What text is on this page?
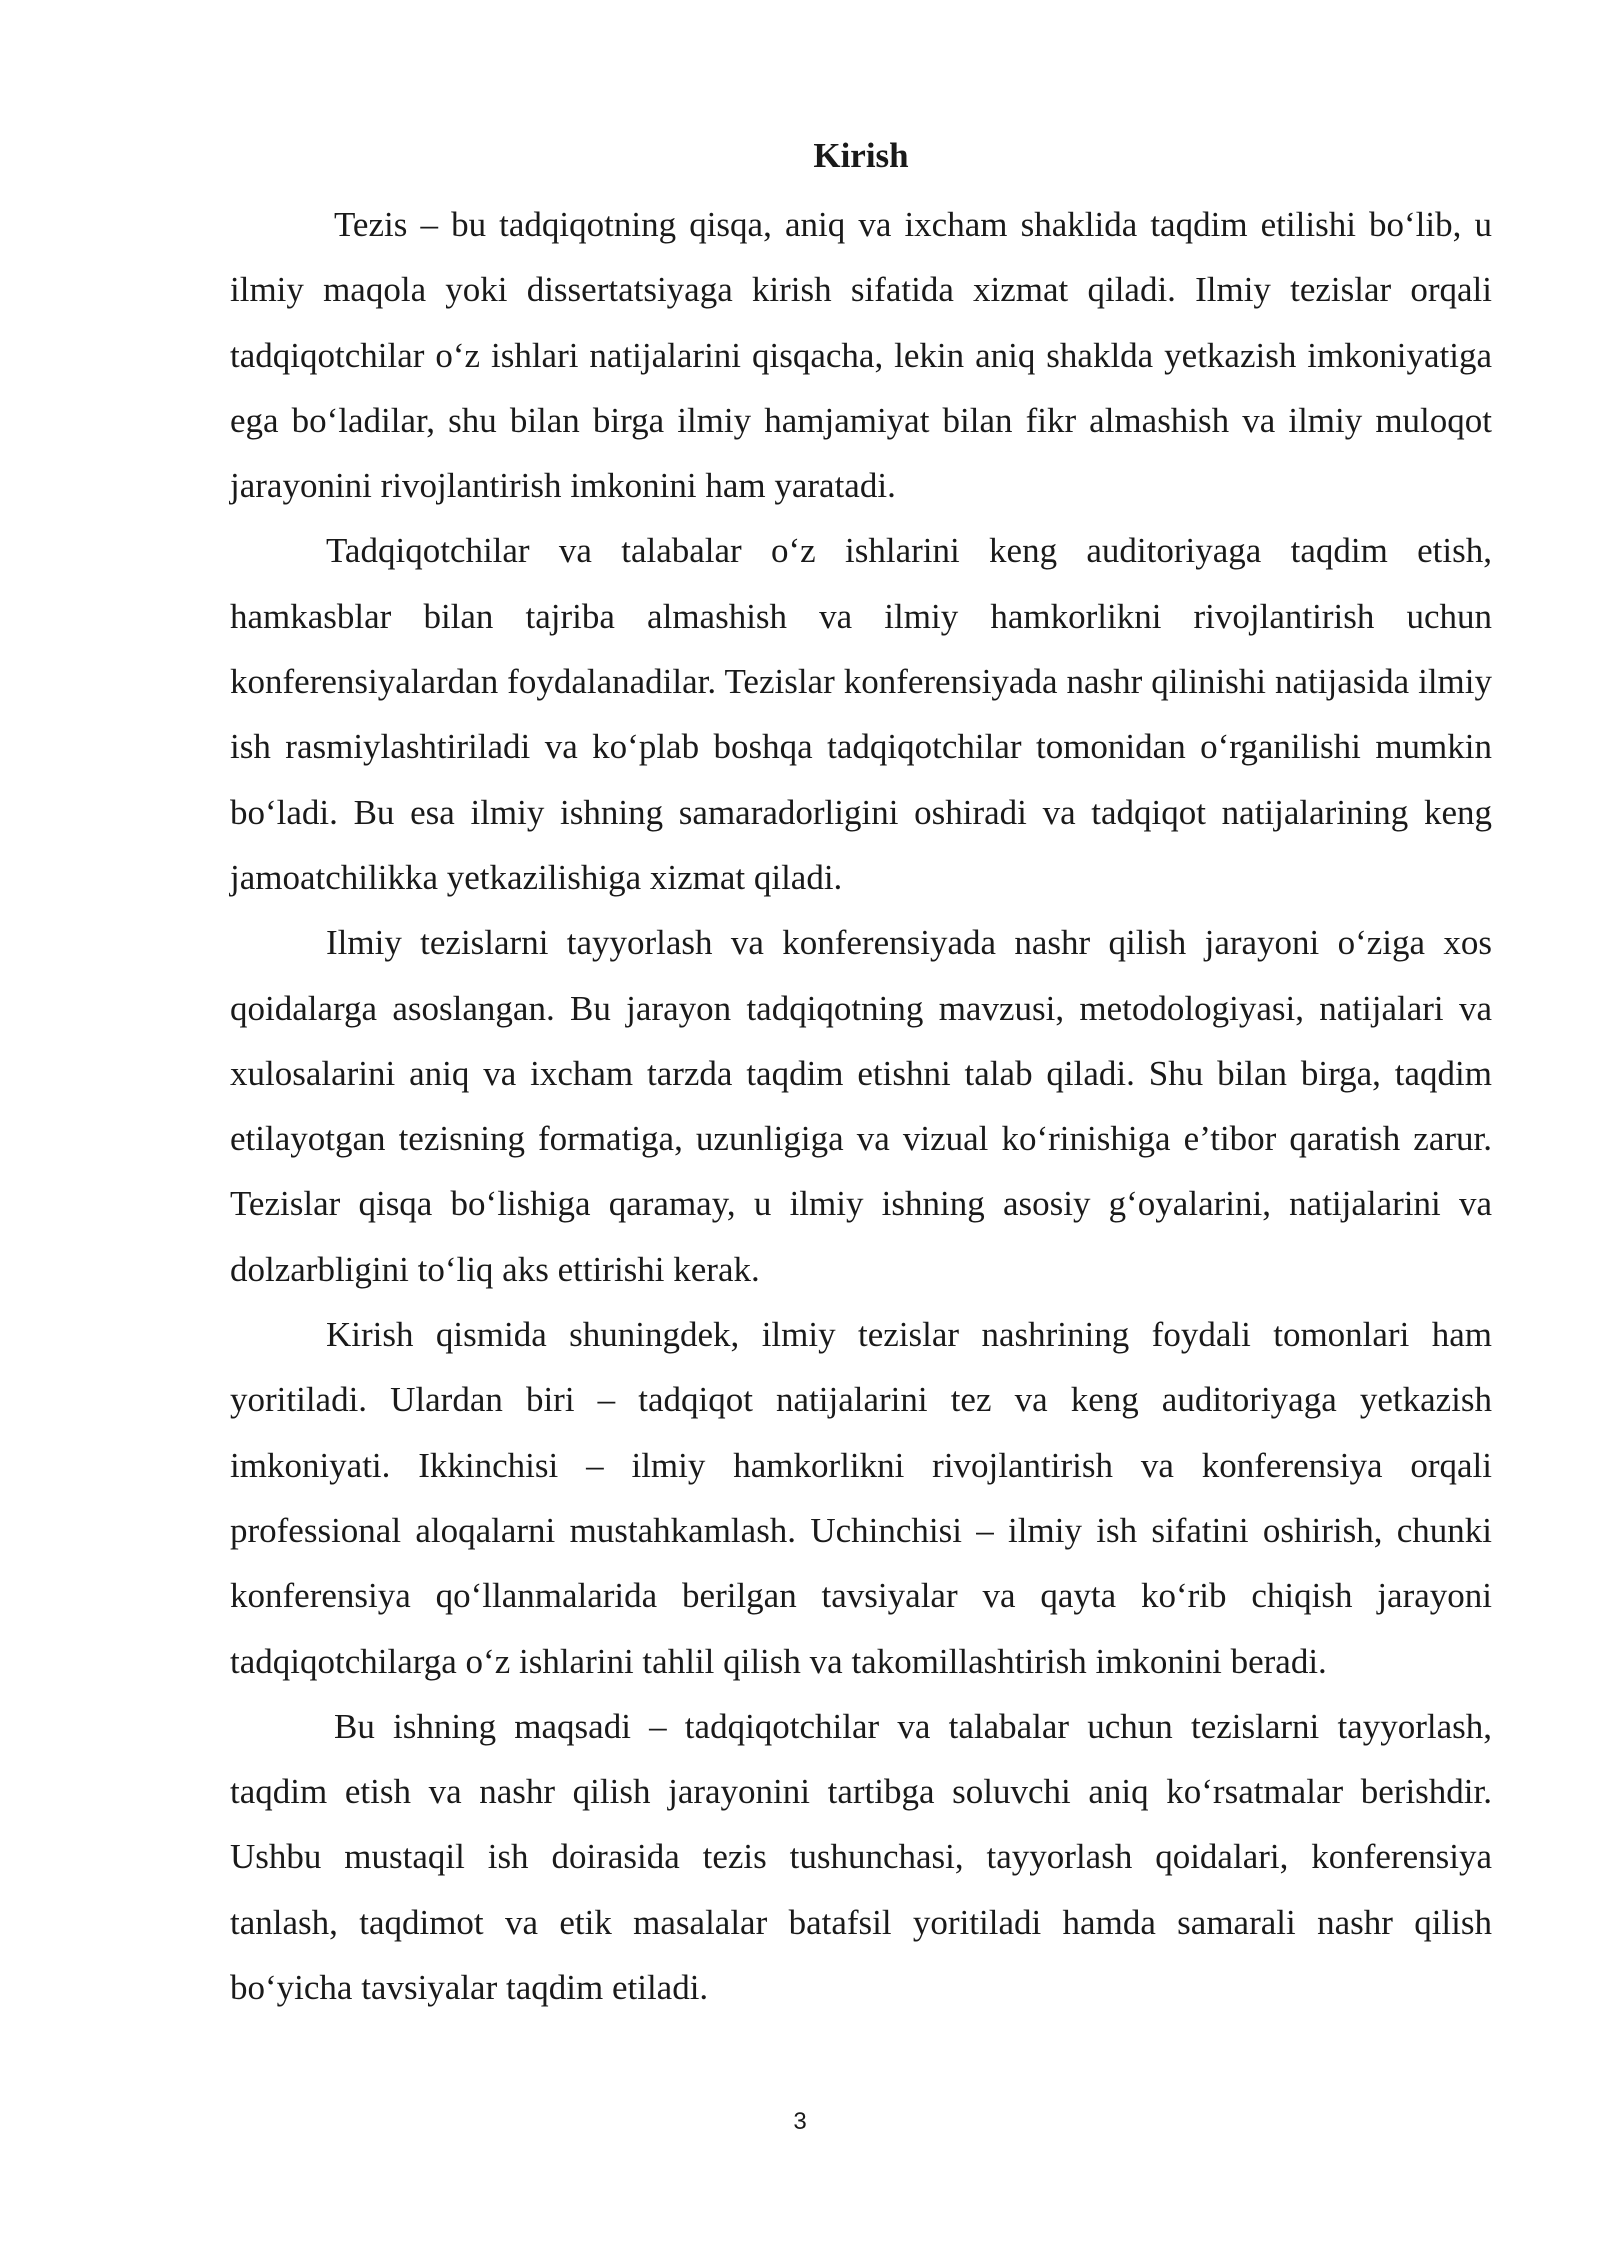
Kirish

Tezis – bu tadqiqotning qisqa, aniq va ixcham shaklida taqdim etilishi bo‘lib, u ilmiy maqola yoki dissertatsiyaga kirish sifatida xizmat qiladi. Ilmiy tezislar orqali tadqiqotchilar o‘z ishlari natijalarini qisqacha, lekin aniq shakldа yetkazish imkoniyatiga ega bo‘ladilar, shu bilan birga ilmiy hamjamiyat bilan fikr almashish va ilmiy muloqot jarayonini rivojlantirish imkonini ham yaratadi.

Tadqiqotchilar va talabalar o‘z ishlarini keng auditoriyaga taqdim etish, hamkasblar bilan tajriba almashish va ilmiy hamkorlikni rivojlantirish uchun konferensiyalardan foydalanadilar. Tezislar konferensiyada nashr qilinishi natijasida ilmiy ish rasmiylashtiriladi va ko‘plab boshqa tadqiqotchilar tomonidan o‘rganilishi mumkin bo‘ladi. Bu esa ilmiy ishning samaradorligini oshiradi va tadqiqot natijalarining keng jamoatchilikka yetkazilishiga xizmat qiladi.

Ilmiy tezislarni tayyorlash va konferensiyada nashr qilish jarayoni o‘ziga xos qoidalarga asoslangan. Bu jarayon tadqiqotning mavzusi, metodologiyasi, natijalari va xulosalarini aniq va ixcham tarzda taqdim etishni talab qiladi. Shu bilan birga, taqdim etilayotgan tezisning formatiga, uzunligiga va vizual ko‘rinishiga e’tibor qaratish zarur. Tezislar qisqa bo‘lishiga qaramay, u ilmiy ishning asosiy g‘oyalarini, natijalarini va dolzarbligini to‘liq aks ettirishi kerak.

Kirish qismida shuningdek, ilmiy tezislar nashrining foydali tomonlari ham yoritiladi. Ulardan biri – tadqiqot natijalarini tez va keng auditoriyaga yetkazish imkoniyati. Ikkinchisi – ilmiy hamkorlikni rivojlantirish va konferensiya orqali professional aloqalarni mustahkamlash. Uchinchisi – ilmiy ish sifatini oshirish, chunki konferensiya qo‘llanmalarida berilgan tavsiyalar va qayta ko‘rib chiqish jarayoni tadqiqotchilarga o‘z ishlarini tahlil qilish va takomillashtirish imkonini beradi.

Bu ishning maqsadi – tadqiqotchilar va talabalar uchun tezislarni tayyorlash, taqdim etish va nashr qilish jarayonini tartibga soluvchi aniq ko‘rsatmalar berishdir. Ushbu mustaqil ish doirasida tezis tushunchasi, tayyorlash qoidalari, konferensiya tanlash, taqdimot va etik masalalar batafsil yoritiladi hamda samarali nashr qilish bo‘yicha tavsiyalar taqdim etiladi.

3
